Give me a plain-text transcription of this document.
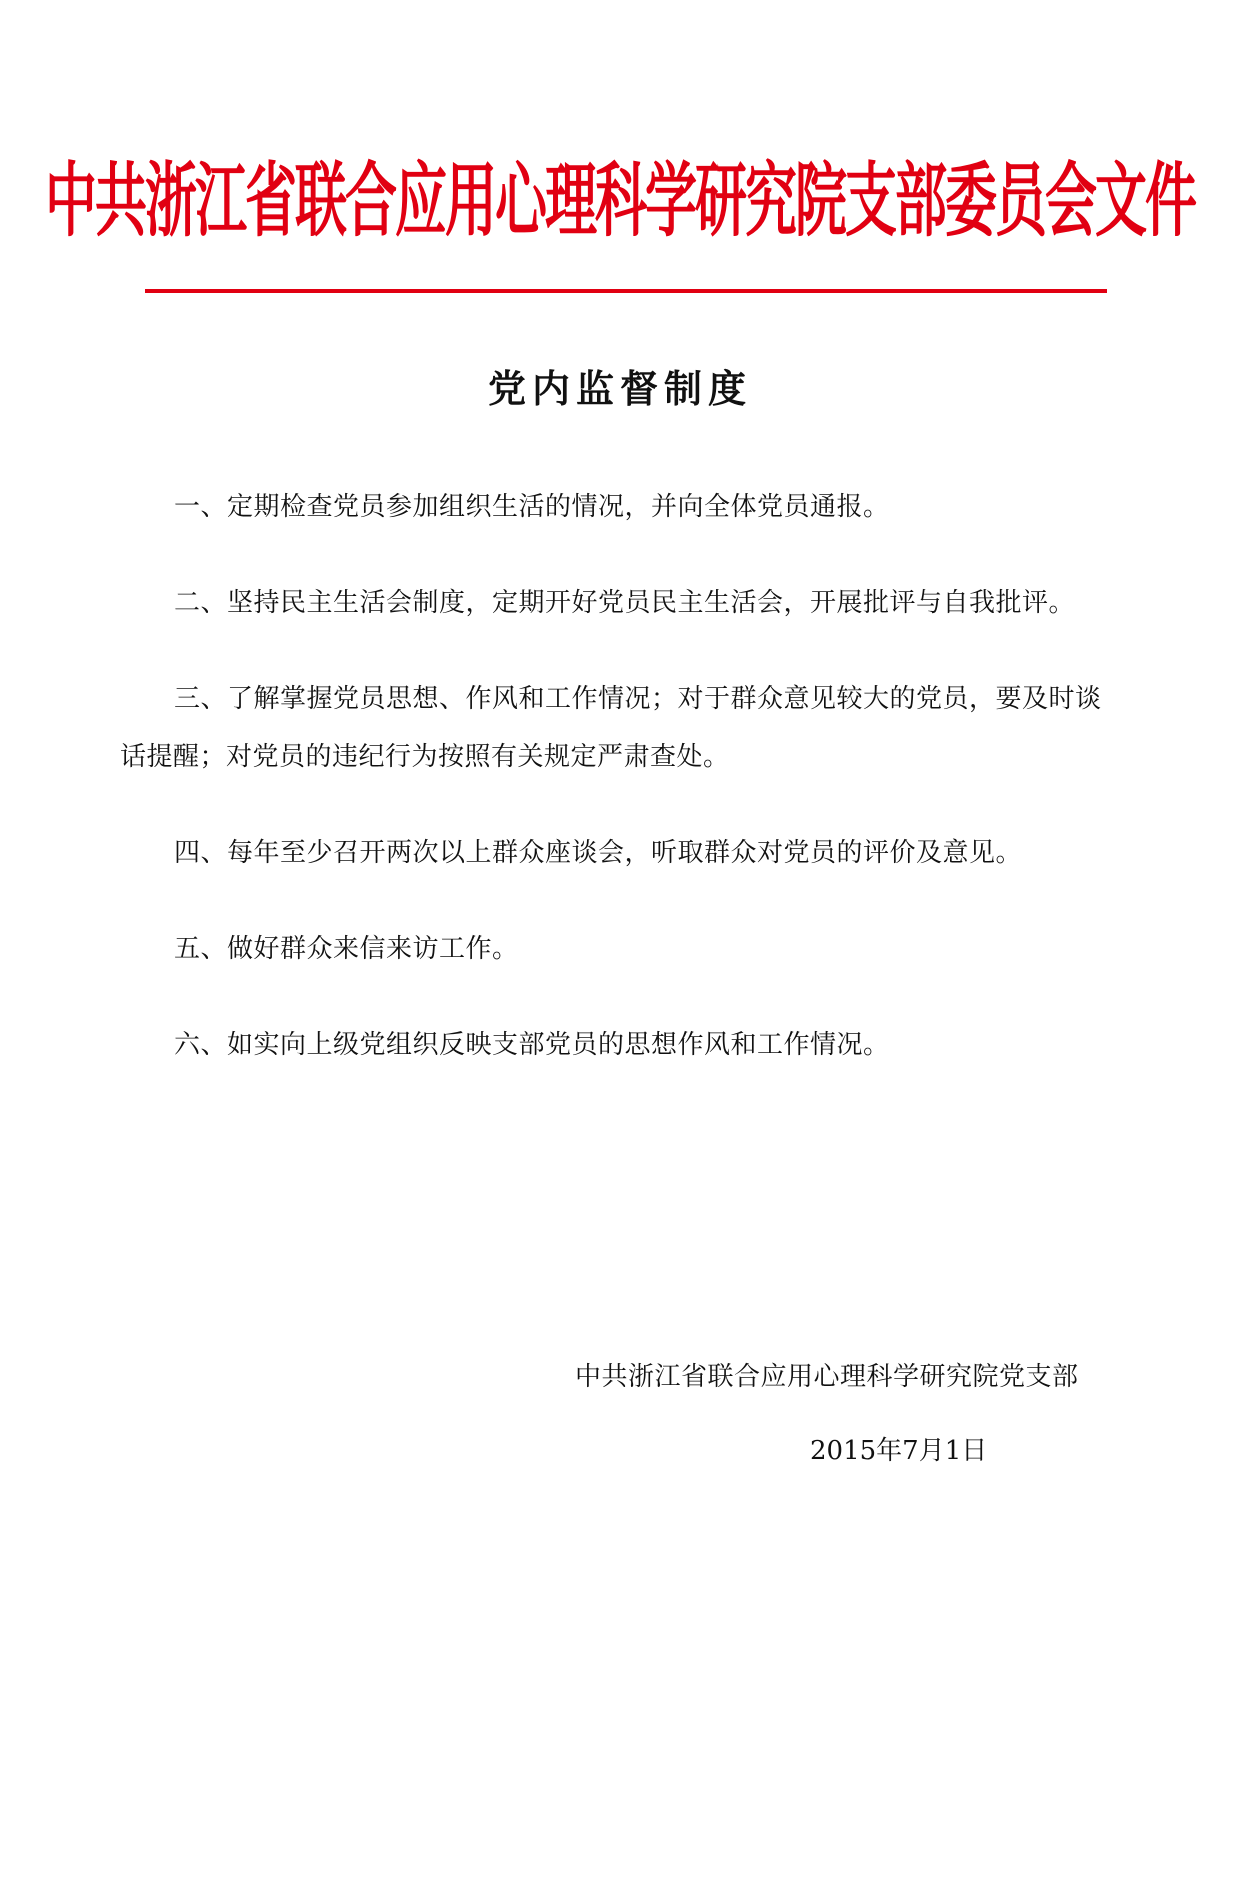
中共浙江省联合应用心理科学研究院支部委员会文件
党内监督制度

一、定期检查党员参加组织生活的情况，并向全体党员通报。

二、坚持民主生活会制度，定期开好党员民主生活会，开展批评与自我批评。

三、了解掌握党员思想、作风和工作情况；对于群众意见较大的党员，要及时谈话提醒；对党员的违纪行为按照有关规定严肃查处。

四、每年至少召开两次以上群众座谈会，听取群众对党员的评价及意见。

五、做好群众来信来访工作。

六、如实向上级党组织反映支部党员的思想作风和工作情况。

中共浙江省联合应用心理科学研究院党支部
2015年7月1日
